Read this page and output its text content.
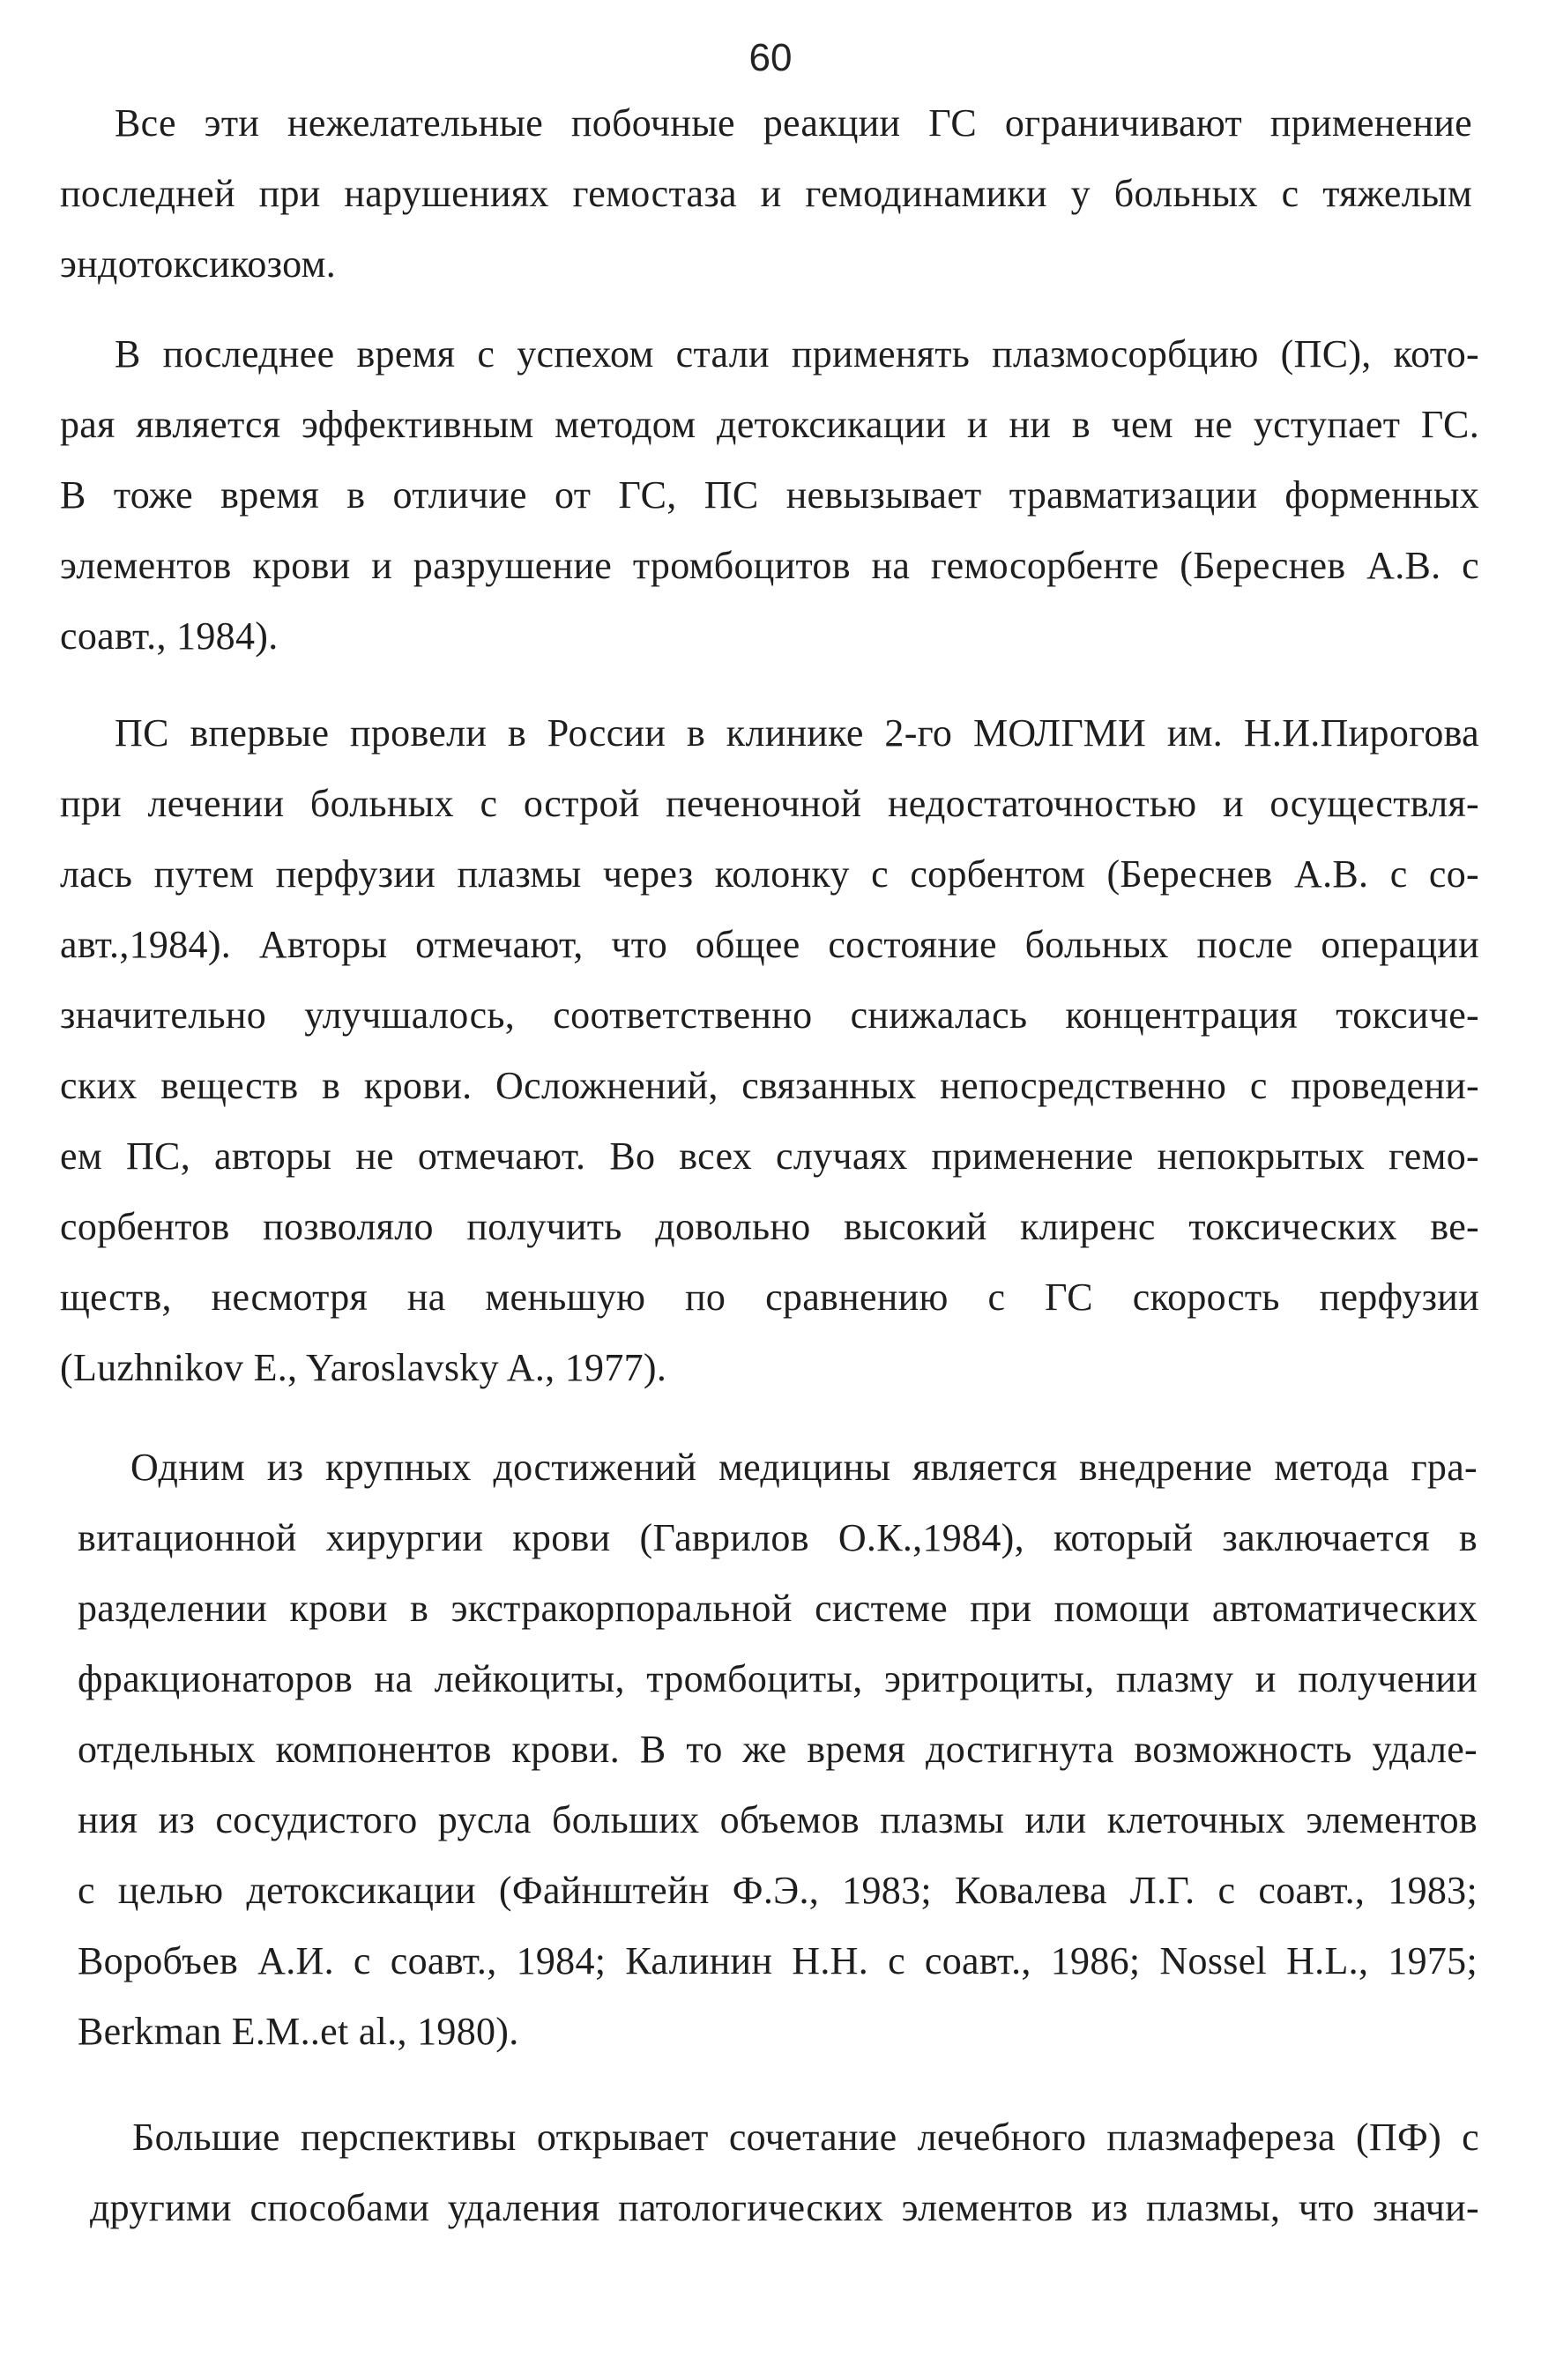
60
Все эти нежелательные побочные реакции ГС ограничивают применение
последней при нарушениях гемостаза и гемодинамики у больных с тяжелым
эндотоксикозом.
В последнее время с успехом стали применять плазмосорбцию (ПС), кото-
рая является эффективным методом детоксикации и ни в чем не уступает ГС.
В тоже время в отличие от ГС, ПС невызывает травматизации форменных
элементов крови и разрушение тромбоцитов на гемосорбенте (Береснев А.В. с
соавт., 1984).
ПС впервые провели в России в клинике 2-го МОЛГМИ им. Н.И.Пирогова
при лечении больных с острой печеночной недостаточностью и осуществля-
лась путем перфузии плазмы через колонку с сорбентом (Береснев А.В. с со-
авт.,1984). Авторы отмечают, что общее состояние больных после операции
значительно улучшалось, соответственно снижалась концентрация токсиче-
ских веществ в крови. Осложнений, связанных непосредственно с проведени-
ем ПС, авторы не отмечают. Во всех случаях применение непокрытых гемо-
сорбентов позволяло получить довольно высокий клиренс токсических ве-
ществ, несмотря на меньшую по сравнению с ГС скорость перфузии
(Luzhnikov E., Yaroslavsky A., 1977).
Одним из крупных достижений медицины является внедрение метода гра-
витационной хирургии крови (Гаврилов О.К.,1984), который заключается в
разделении крови в экстракорпоральной системе при помощи автоматических
фракционаторов на лейкоциты, тромбоциты, эритроциты, плазму и получении
отдельных компонентов крови. В то же время достигнута возможность удале-
ния из сосудистого русла больших объемов плазмы или клеточных элементов
с целью детоксикации (Файнштейн Ф.Э., 1983; Ковалева Л.Г. с соавт., 1983;
Воробъев А.И. с соавт., 1984; Калинин Н.Н. с соавт., 1986; Nossel H.L., 1975;
Berkman E.M..et al., 1980).
Большие перспективы открывает сочетание лечебного плазмафереза (ПФ) с
другими способами удаления патологических элементов из плазмы, что значи-
